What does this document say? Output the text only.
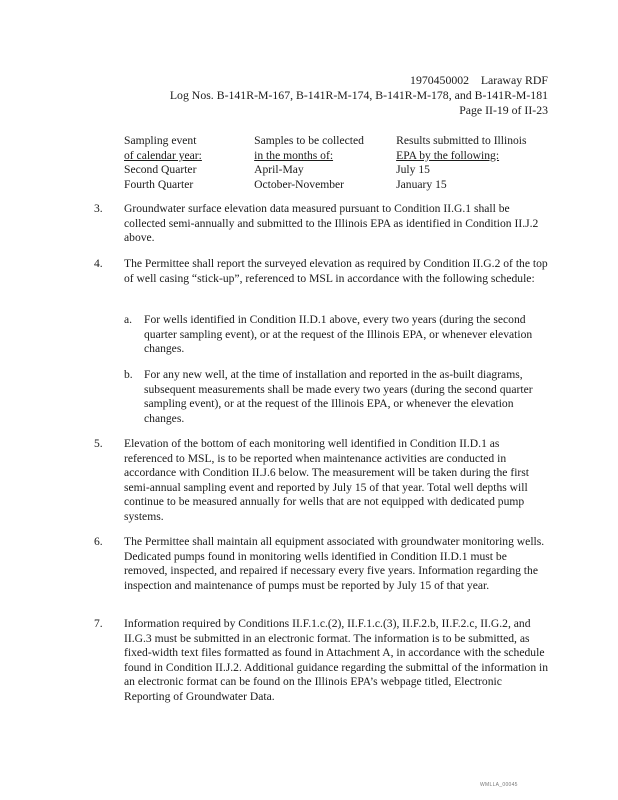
1970450002    Laraway RDF
Log Nos. B-141R-M-167, B-141R-M-174, B-141R-M-178, and B-141R-M-181
Page II-19 of II-23
Sampling event	Samples to be collected	Results submitted to Illinois
of calendar year:	in the months of:	EPA by the following:
Second Quarter	April-May	July 15
Fourth Quarter	October-November	January 15
3. Groundwater surface elevation data measured pursuant to Condition II.G.1 shall be collected semi-annually and submitted to the Illinois EPA as identified in Condition II.J.2 above.
4. The Permittee shall report the surveyed elevation as required by Condition II.G.2 of the top of well casing “stick-up”, referenced to MSL in accordance with the following schedule:
a. For wells identified in Condition II.D.1 above, every two years (during the second quarter sampling event), or at the request of the Illinois EPA, or whenever elevation changes.
b. For any new well, at the time of installation and reported in the as-built diagrams, subsequent measurements shall be made every two years (during the second quarter sampling event), or at the request of the Illinois EPA, or whenever the elevation changes.
5. Elevation of the bottom of each monitoring well identified in Condition II.D.1 as referenced to MSL, is to be reported when maintenance activities are conducted in accordance with Condition II.J.6 below. The measurement will be taken during the first semi-annual sampling event and reported by July 15 of that year. Total well depths will continue to be measured annually for wells that are not equipped with dedicated pump systems.
6. The Permittee shall maintain all equipment associated with groundwater monitoring wells. Dedicated pumps found in monitoring wells identified in Condition II.D.1 must be removed, inspected, and repaired if necessary every five years. Information regarding the inspection and maintenance of pumps must be reported by July 15 of that year.
7. Information required by Conditions II.F.1.c.(2), II.F.1.c.(3), II.F.2.b, II.F.2.c, II.G.2, and II.G.3 must be submitted in an electronic format. The information is to be submitted, as fixed-width text files formatted as found in Attachment A, in accordance with the schedule found in Condition II.J.2. Additional guidance regarding the submittal of the information in an electronic format can be found on the Illinois EPA’s webpage titled, Electronic Reporting of Groundwater Data.
WMLLA_00045
